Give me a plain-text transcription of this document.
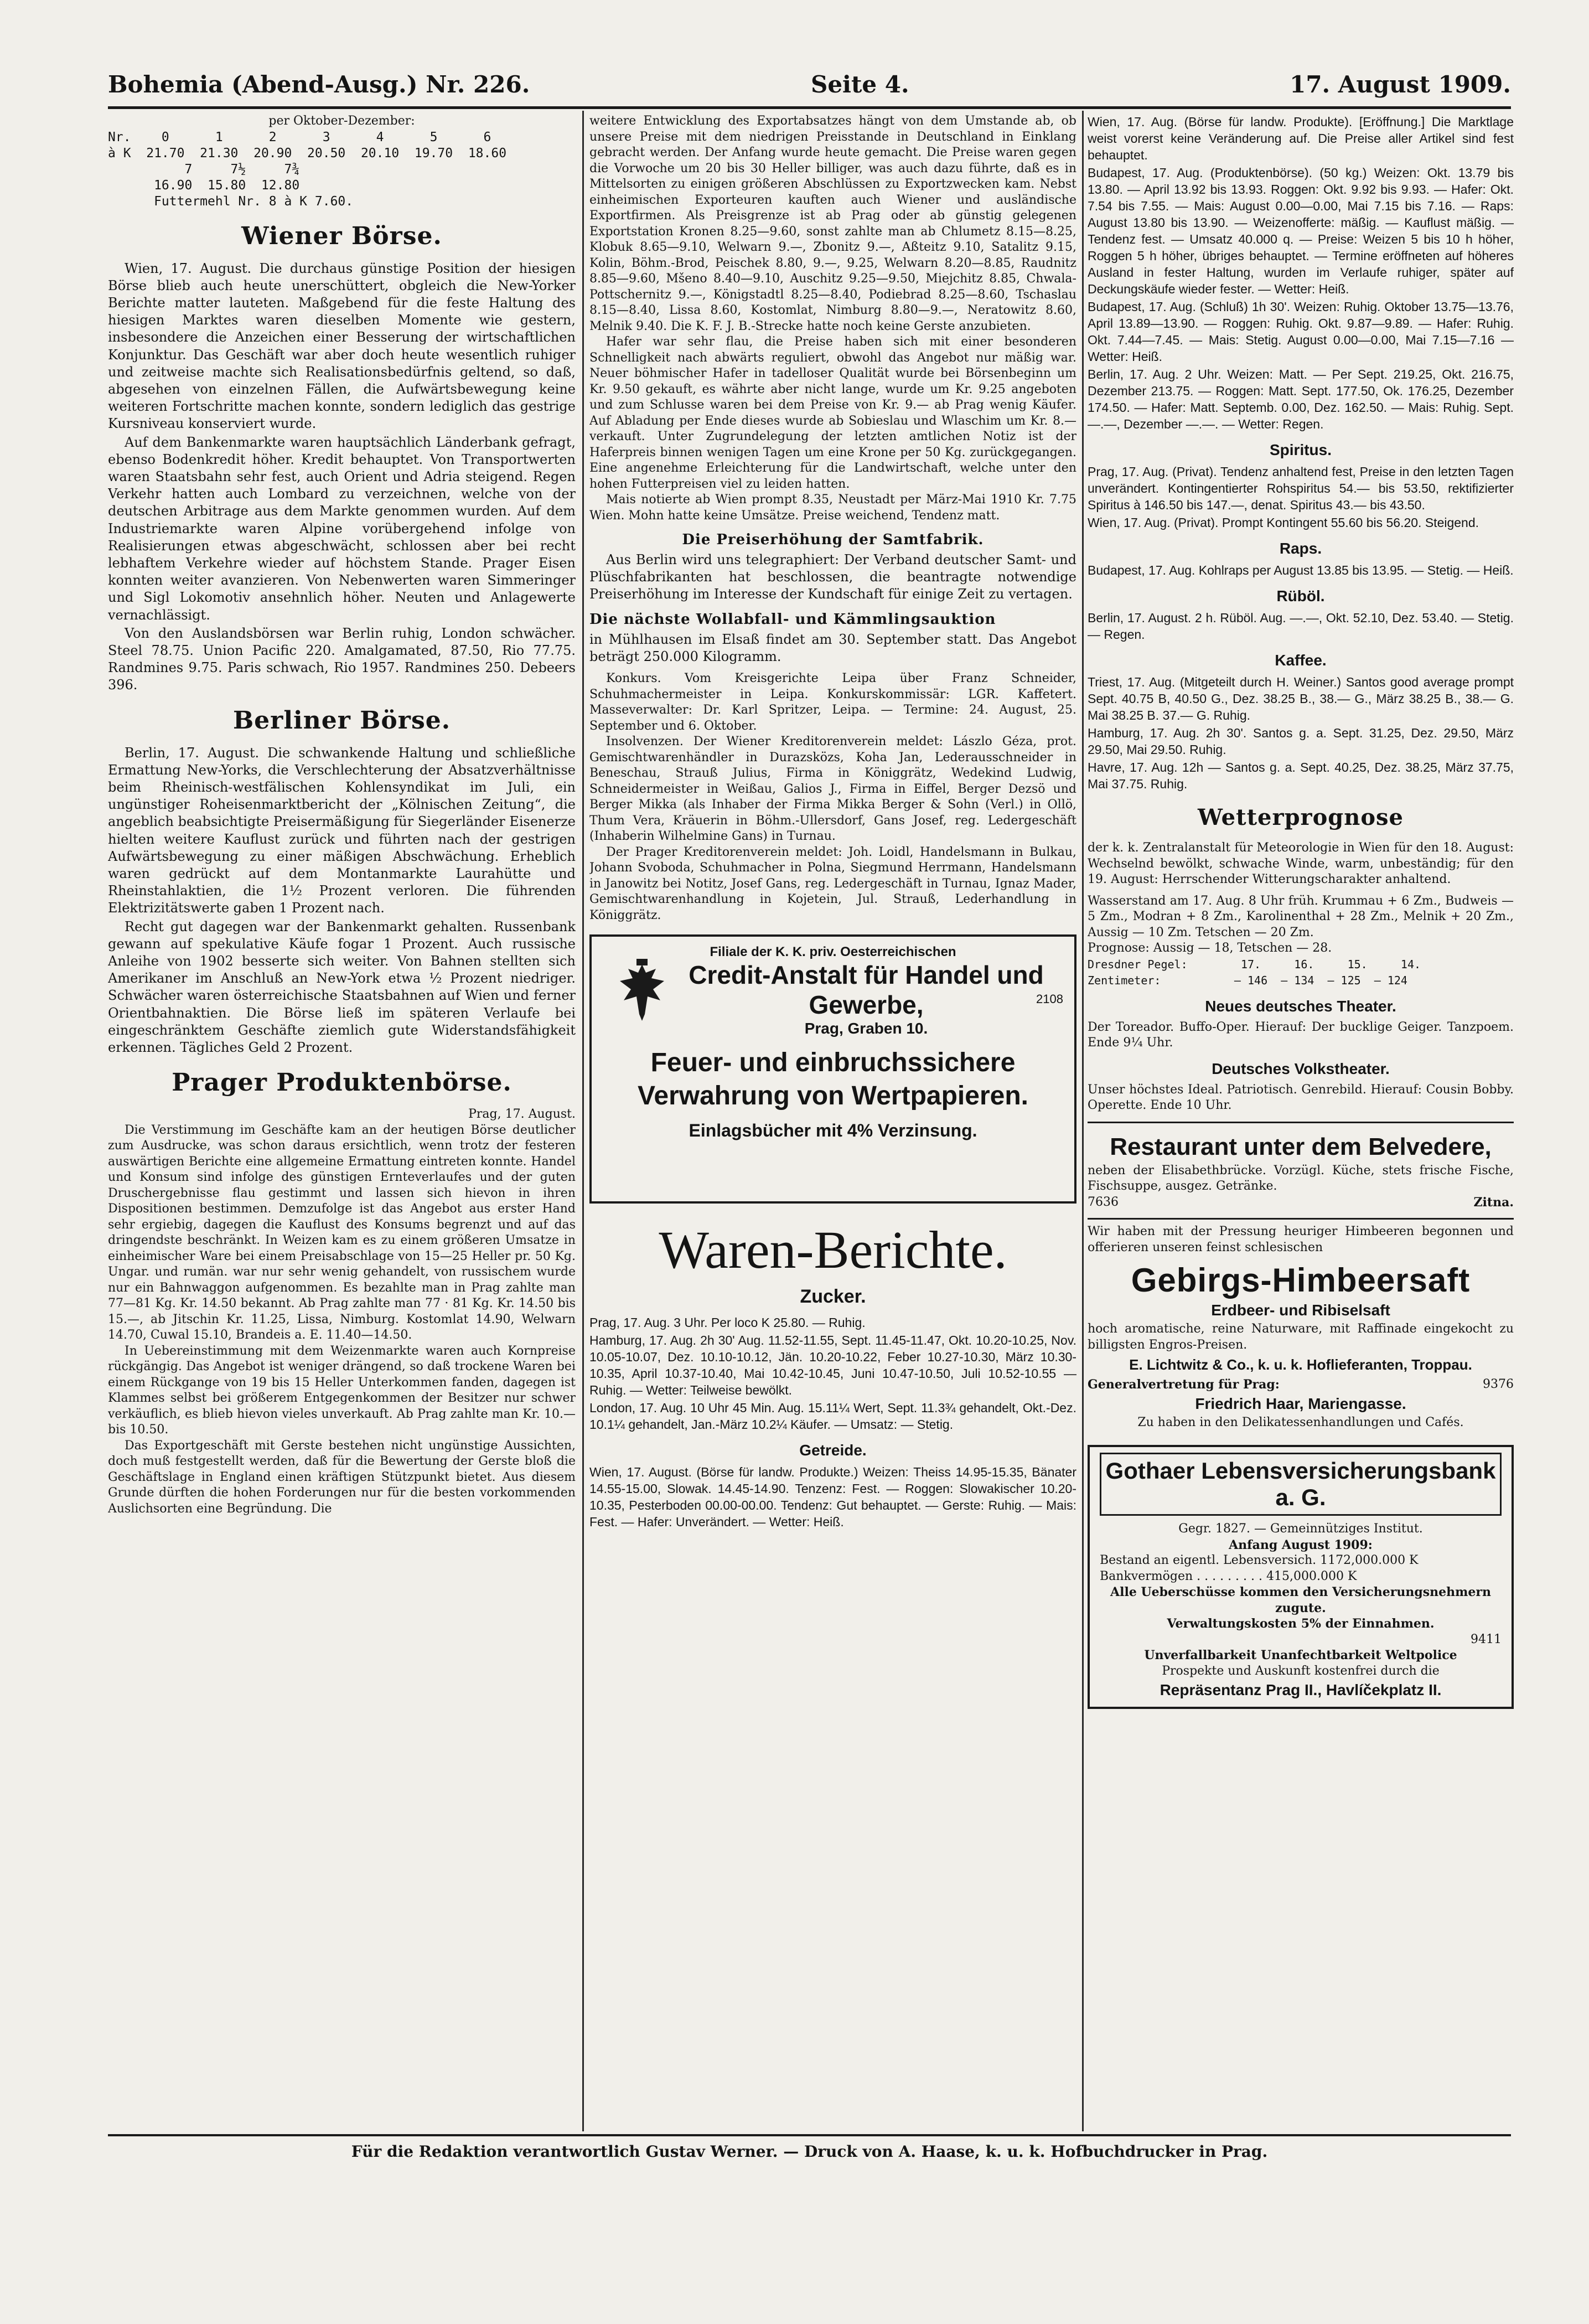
Bohemia (Abend-Ausg.) Nr. 226.	Seite 4.	17. August 1909.
per Oktober-Dezember:
Nr.    0      1      2      3      4      5      6
à K  21.70  21.30  20.90  20.50  20.10  19.70  18.60
7     7½     7¾
16.90  15.80  12.80
Futtermehl Nr. 8 à K 7.60.
Wiener Börse.

Wien, 17. August. Die durchaus günstige Position der hiesigen Börse blieb auch heute unerschüttert, obgleich die New-Yorker Berichte matter lauteten. Maßgebend für die feste Haltung des hiesigen Marktes waren dieselben Momente wie gestern, insbesondere die Anzeichen einer Besserung der wirtschaftlichen Konjunktur. Das Geschäft war aber doch heute wesentlich ruhiger und zeitweise machte sich Realisationsbedürfnis geltend, so daß, abgesehen von einzelnen Fällen, die Aufwärtsbewegung keine weiteren Fortschritte machen konnte, sondern lediglich das gestrige Kursniveau konserviert wurde.

Auf dem Bankenmarkte waren hauptsächlich Länderbank gefragt, ebenso Bodenkredit höher. Kredit behauptet. Von Transportwerten waren Staatsbahn sehr fest, auch Orient und Adria steigend. Regen Verkehr hatten auch Lombard zu verzeichnen, welche von der deutschen Arbitrage aus dem Markte genommen wurden. Auf dem Industriemarkte waren Alpine vorübergehend infolge von Realisierungen etwas abgeschwächt, schlossen aber bei recht lebhaftem Verkehre wieder auf höchstem Stande. Prager Eisen konnten weiter avanzieren. Von Nebenwerten waren Simmeringer und Sigl Lokomotiv ansehnlich höher. Neuten und Anlagewerte vernachlässigt.

Von den Auslandsbörsen war Berlin ruhig, London schwächer. Steel 78.75. Union Pacific 220. Amalgamated, 87.50, Rio 77.75. Randmines 9.75. Paris schwach, Rio 1957. Randmines 250. Debeers 396.

Berliner Börse.

Berlin, 17. August. Die schwankende Haltung und schließliche Ermattung New-Yorks, die Verschlechterung der Absatzverhältnisse beim Rheinisch-westfälischen Kohlensyndikat im Juli, ein ungünstiger Roheisenmarktbericht der „Kölnischen Zeitung“, die angeblich beabsichtigte Preisermäßigung für Siegerländer Eisenerze hielten weitere Kauflust zurück und führten nach der gestrigen Aufwärtsbewegung zu einer mäßigen Abschwächung. Erheblich waren gedrückt auf dem Montanmarkte Laurahütte und Rheinstahlaktien, die 1½ Prozent verloren. Die führenden Elektrizitätswerte gaben 1 Prozent nach.

Recht gut dagegen war der Bankenmarkt gehalten. Russenbank gewann auf spekulative Käufe fogar 1 Prozent. Auch russische Anleihe von 1902 besserte sich weiter. Von Bahnen stellten sich Amerikaner im Anschluß an New-York etwa ½ Prozent niedriger. Schwächer waren österreichische Staatsbahnen auf Wien und ferner Orientbahnaktien. Die Börse ließ im späteren Verlaufe bei eingeschränktem Geschäfte ziemlich gute Widerstandsfähigkeit erkennen. Tägliches Geld 2 Prozent.

Prager Produktenbörse.
Prag, 17. August.

Die Verstimmung im Geschäfte kam an der heutigen Börse deutlicher zum Ausdrucke, was schon daraus ersichtlich, wenn trotz der festeren auswärtigen Berichte eine allgemeine Ermattung eintreten konnte. Handel und Konsum sind infolge des günstigen Ernteverlaufes und der guten Druschergebnisse flau gestimmt und lassen sich hievon in ihren Dispositionen bestimmen. Demzufolge ist das Angebot aus erster Hand sehr ergiebig, dagegen die Kauflust des Konsums begrenzt und auf das dringendste beschränkt. In Weizen kam es zu einem größeren Umsatze in einheimischer Ware bei einem Preisabschlage von 15—25 Heller pr. 50 Kg. Ungar. und rumän. war nur sehr wenig gehandelt, von russischem wurde nur ein Bahnwaggon aufgenommen. Es bezahlte man in Prag zahlte man 77—81 Kg. Kr. 14.50 bekannt. Ab Prag zahlte man 77 · 81 Kg. Kr. 14.50 bis 15.—, ab Jitschin Kr. 11.25, Lissa, Nimburg. Kostomlat 14.90, Welwarn 14.70, Cuwal 15.10, Brandeis a. E. 11.40—14.50.

In Uebereinstimmung mit dem Weizenmarkte waren auch Kornpreise rückgängig. Das Angebot ist weniger drängend, so daß trockene Waren bei einem Rückgange von 19 bis 15 Heller Unterkommen fanden, dagegen ist Klammes selbst bei größerem Entgegenkommen der Besitzer nur schwer verkäuflich, es blieb hievon vieles unverkauft. Ab Prag zahlte man Kr. 10.— bis 10.50.

Das Exportgeschäft mit Gerste bestehen nicht ungünstige Aussichten, doch muß festgestellt werden, daß für die Bewertung der Gerste bloß die Geschäftslage in England einen kräftigen Stützpunkt bietet. Aus diesem Grunde dürften die hohen Forderungen nur für die besten vorkommenden Auslichsorten eine Begründung. Die

weitere Entwicklung des Exportabsatzes hängt von dem Umstande ab, ob unsere Preise mit dem niedrigen Preisstande in Deutschland in Einklang gebracht werden. Der Anfang wurde heute gemacht. Die Preise waren gegen die Vorwoche um 20 bis 30 Heller billiger, was auch dazu führte, daß es in Mittelsorten zu einigen größeren Abschlüssen zu Exportzwecken kam. Nebst einheimischen Exporteuren kauften auch Wiener und ausländische Exportfirmen. Als Preisgrenze ist ab Prag oder ab günstig gelegenen Exportstation Kronen 8.25—9.60, sonst zahlte man ab Chlumetz 8.15—8.25, Klobuk 8.65—9.10, Welwarn 9.—, Zbonitz 9.—, Aßteitz 9.10, Satalitz 9.15, Kolin, Böhm.-Brod, Peischek 8.80, 9.—, 9.25, Welwarn 8.20—8.85, Raudnitz 8.85—9.60, Mšeno 8.40—9.10, Auschitz 9.25—9.50, Miejchitz 8.85, Chwala-Pottschernitz 9.—, Königstadtl 8.25—8.40, Podiebrad 8.25—8.60, Tschaslau 8.15—8.40, Lissa 8.60, Kostomlat, Nimburg 8.80—9.—, Neratowitz 8.60, Melnik 9.40. Die K. F. J. B.-Strecke hatte noch keine Gerste anzubieten.

Hafer war sehr flau, die Preise haben sich mit einer besonderen Schnelligkeit nach abwärts reguliert, obwohl das Angebot nur mäßig war. Neuer böhmischer Hafer in tadelloser Qualität wurde bei Börsenbeginn um Kr. 9.50 gekauft, es währte aber nicht lange, wurde um Kr. 9.25 angeboten und zum Schlusse waren bei dem Preise von Kr. 9.— ab Prag wenig Käufer. Auf Abladung per Ende dieses wurde ab Sobieslau und Wlaschim um Kr. 8.— verkauft. Unter Zugrundelegung der letzten amtlichen Notiz ist der Haferpreis binnen wenigen Tagen um eine Krone per 50 Kg. zurückgegangen. Eine angenehme Erleichterung für die Landwirtschaft, welche unter den hohen Futterpreisen viel zu leiden hatten.

Mais notierte ab Wien prompt 8.35, Neustadt per März-Mai 1910 Kr. 7.75 Wien. Mohn hatte keine Umsätze. Preise weichend, Tendenz matt.

Die Preiserhöhung der Samtfabrik.

Aus Berlin wird uns telegraphiert: Der Verband deutscher Samt- und Plüschfabrikanten hat beschlossen, die beantragte notwendige Preiserhöhung im Interesse der Kundschaft für einige Zeit zu vertagen.

Die nächste Wollabfall- und Kämmlingsauktion

in Mühlhausen im Elsaß findet am 30. September statt. Das Angebot beträgt 250.000 Kilogramm.

Konkurs. Vom Kreisgerichte Leipa über Franz Schneider, Schuhmachermeister in Leipa. Konkurskommissär: LGR. Kaffetert. Masseverwalter: Dr. Karl Spritzer, Leipa. — Termine: 24. August, 25. September und 6. Oktober.

Insolvenzen. Der Wiener Kreditorenverein meldet: Lászlo Géza, prot. Gemischtwarenhändler in Durazsközs, Koha Jan, Lederausschneider in Beneschau, Strauß Julius, Firma in Königgrätz, Wedekind Ludwig, Schneidermeister in Weißau, Galios J., Firma in Eiffel, Berger Dezsö und Berger Mikka (als Inhaber der Firma Mikka Berger & Sohn (Verl.) in Ollö, Thum Vera, Kräuerin in Böhm.-Ullersdorf, Gans Josef, reg. Ledergeschäft (Inhaberin Wilhelmine Gans) in Turnau.

Der Prager Kreditorenverein meldet: Joh. Loidl, Handelsmann in Bulkau, Johann Svoboda, Schuhmacher in Polna, Siegmund Herrmann, Handelsmann in Janowitz bei Notitz, Josef Gans, reg. Ledergeschäft in Turnau, Ignaz Mader, Gemischtwarenhandlung in Kojetein, Jul. Strauß, Lederhandlung in Königgrätz.

Filiale der K. K. priv. Oesterreichischen
Credit-Anstalt für Handel und Gewerbe,
Prag, Graben 10.
2108
Feuer- und einbruchssichere Verwahrung von Wertpapieren.
Einlagsbücher mit 4% Verzinsung.
Waren-Berichte.
Zucker.

Prag, 17. Aug. 3 Uhr. Per loco K 25.80. — Ruhig.

Hamburg, 17. Aug. 2h 30' Aug. 11.52-11.55, Sept. 11.45-11.47, Okt. 10.20-10.25, Nov. 10.05-10.07, Dez. 10.10-10.12, Jän. 10.20-10.22, Feber 10.27-10.30, März 10.30-10.35, April 10.37-10.40, Mai 10.42-10.45, Juni 10.47-10.50, Juli 10.52-10.55 — Ruhig. — Wetter: Teilweise bewölkt.

London, 17. Aug. 10 Uhr 45 Min. Aug. 15.11¼ Wert, Sept. 11.3¾ gehandelt, Okt.-Dez. 10.1¼ gehandelt, Jan.-März 10.2¼ Käufer. — Umsatz: — Stetig.

Getreide.

Wien, 17. August. (Börse für landw. Produkte.) Weizen: Theiss 14.95-15.35, Bänater 14.55-15.00, Slowak. 14.45-14.90. Tenzenz: Fest. — Roggen: Slowakischer 10.20-10.35, Pesterboden 00.00-00.00. Tendenz: Gut behauptet. — Gerste: Ruhig. — Mais: Fest. — Hafer: Unverändert. — Wetter: Heiß.

Wien, 17. Aug. (Börse für landw. Produkte). [Eröffnung.] Die Marktlage weist vorerst keine Veränderung auf. Die Preise aller Artikel sind fest behauptet.

Budapest, 17. Aug. (Produktenbörse). (50 kg.) Weizen: Okt. 13.79 bis 13.80. — April 13.92 bis 13.93. Roggen: Okt. 9.92 bis 9.93. — Hafer: Okt. 7.54 bis 7.55. — Mais: August 0.00—0.00, Mai 7.15 bis 7.16. — Raps: August 13.80 bis 13.90. — Weizenofferte: mäßig. — Kauflust mäßig. — Tendenz fest. — Umsatz 40.000 q. — Preise: Weizen 5 bis 10 h höher, Roggen 5 h höher, übriges behauptet. — Termine eröffneten auf höheres Ausland in fester Haltung, wurden im Verlaufe ruhiger, später auf Deckungskäufe wieder fester. — Wetter: Heiß.

Budapest, 17. Aug. (Schluß) 1h 30'. Weizen: Ruhig. Oktober 13.75—13.76, April 13.89—13.90. — Roggen: Ruhig. Okt. 9.87—9.89. — Hafer: Ruhig. Okt. 7.44—7.45. — Mais: Stetig. August 0.00—0.00, Mai 7.15—7.16 — Wetter: Heiß.

Berlin, 17. Aug. 2 Uhr. Weizen: Matt. — Per Sept. 219.25, Okt. 216.75, Dezember 213.75. — Roggen: Matt. Sept. 177.50, Ok. 176.25, Dezember 174.50. — Hafer: Matt. Septemb. 0.00, Dez. 162.50. — Mais: Ruhig. Sept. —.—, Dezember —.—. — Wetter: Regen.

Spiritus.

Prag, 17. Aug. (Privat). Tendenz anhaltend fest, Preise in den letzten Tagen unverändert. Kontingentierter Rohspiritus 54.— bis 53.50, rektifizierter Spiritus à 146.50 bis 147.—, denat. Spiritus 43.— bis 43.50.

Wien, 17. Aug. (Privat). Prompt Kontingent 55.60 bis 56.20. Steigend.

Raps.

Budapest, 17. Aug. Kohlraps per August 13.85 bis 13.95. — Stetig. — Heiß.

Rüböl.

Berlin, 17. August. 2 h. Rüböl. Aug. —.—, Okt. 52.10, Dez. 53.40. — Stetig. — Regen.

Kaffee.

Triest, 17. Aug. (Mitgeteilt durch H. Weiner.) Santos good average prompt Sept. 40.75 B, 40.50 G., Dez. 38.25 B., 38.— G., März 38.25 B., 38.— G. Mai 38.25 B. 37.— G. Ruhig.

Hamburg, 17. Aug. 2h 30'. Santos g. a. Sept. 31.25, Dez. 29.50, März 29.50, Mai 29.50. Ruhig.

Havre, 17. Aug. 12h — Santos g. a. Sept. 40.25, Dez. 38.25, März 37.75, Mai 37.75. Ruhig.

Wetterprognose

der k. k. Zentralanstalt für Meteorologie in Wien für den 18. August: Wechselnd bewölkt, schwache Winde, warm, unbeständig; für den 19. August: Herrschender Witterungscharakter anhaltend.

Wasserstand am 17. Aug. 8 Uhr früh. Krummau + 6 Zm., Budweis — 5 Zm., Modran + 8 Zm., Karolinenthal + 28 Zm., Melnik + 20 Zm., Aussig — 10 Zm. Tetschen — 20 Zm.

Prognose: Aussig — 18, Tetschen — 28.

Dresdner Pegel:        17.     16.     15.     14.
Zentimeter:           — 146  — 134  — 125  — 124
Neues deutsches Theater.

Der Toreador. Buffo-Oper. Hierauf: Der bucklige Geiger. Tanzpoem. Ende 9¼ Uhr.

Deutsches Volkstheater.

Unser höchstes Ideal. Patriotisch. Genrebild. Hierauf: Cousin Bobby. Operette. Ende 10 Uhr.

Restaurant unter dem Belvedere,

neben der Elisabethbrücke. Vorzügl. Küche, stets frische Fische, Fischsuppe, ausgez. Getränke.

7636	Zitna.

Wir haben mit der Pressung heuriger Himbeeren begonnen und offerieren unseren feinst schlesischen

Gebirgs-Himbeersaft
Erdbeer- und Ribiselsaft

hoch aromatische, reine Naturware, mit Raffinade eingekocht zu billigsten Engros-Preisen.

E. Lichtwitz & Co., k. u. k. Hoflieferanten, Troppau.
Generalvertretung für Prag:	9376
Friedrich Haar, Mariengasse.

Zu haben in den Delikatessenhandlungen und Cafés.

Gothaer Lebensversicherungsbank a. G.
Gegr. 1827. — Gemeinnütziges Institut.
Anfang August 1909:
Bestand an eigentl. Lebensversich. 1172,000.000 K
Bankvermögen . . . . . . . . . 415,000.000 K
Alle Ueberschüsse kommen den Versicherungsnehmern zugute.
Verwaltungskosten 5% der Einnahmen.
9411
Unverfallbarkeit Unanfechtbarkeit Weltpolice
Prospekte und Auskunft kostenfrei durch die
Repräsentanz Prag II., Havlíčekplatz II.
Für die Redaktion verantwortlich Gustav Werner. — Druck von A. Haase, k. u. k. Hofbuchdrucker in Prag.
